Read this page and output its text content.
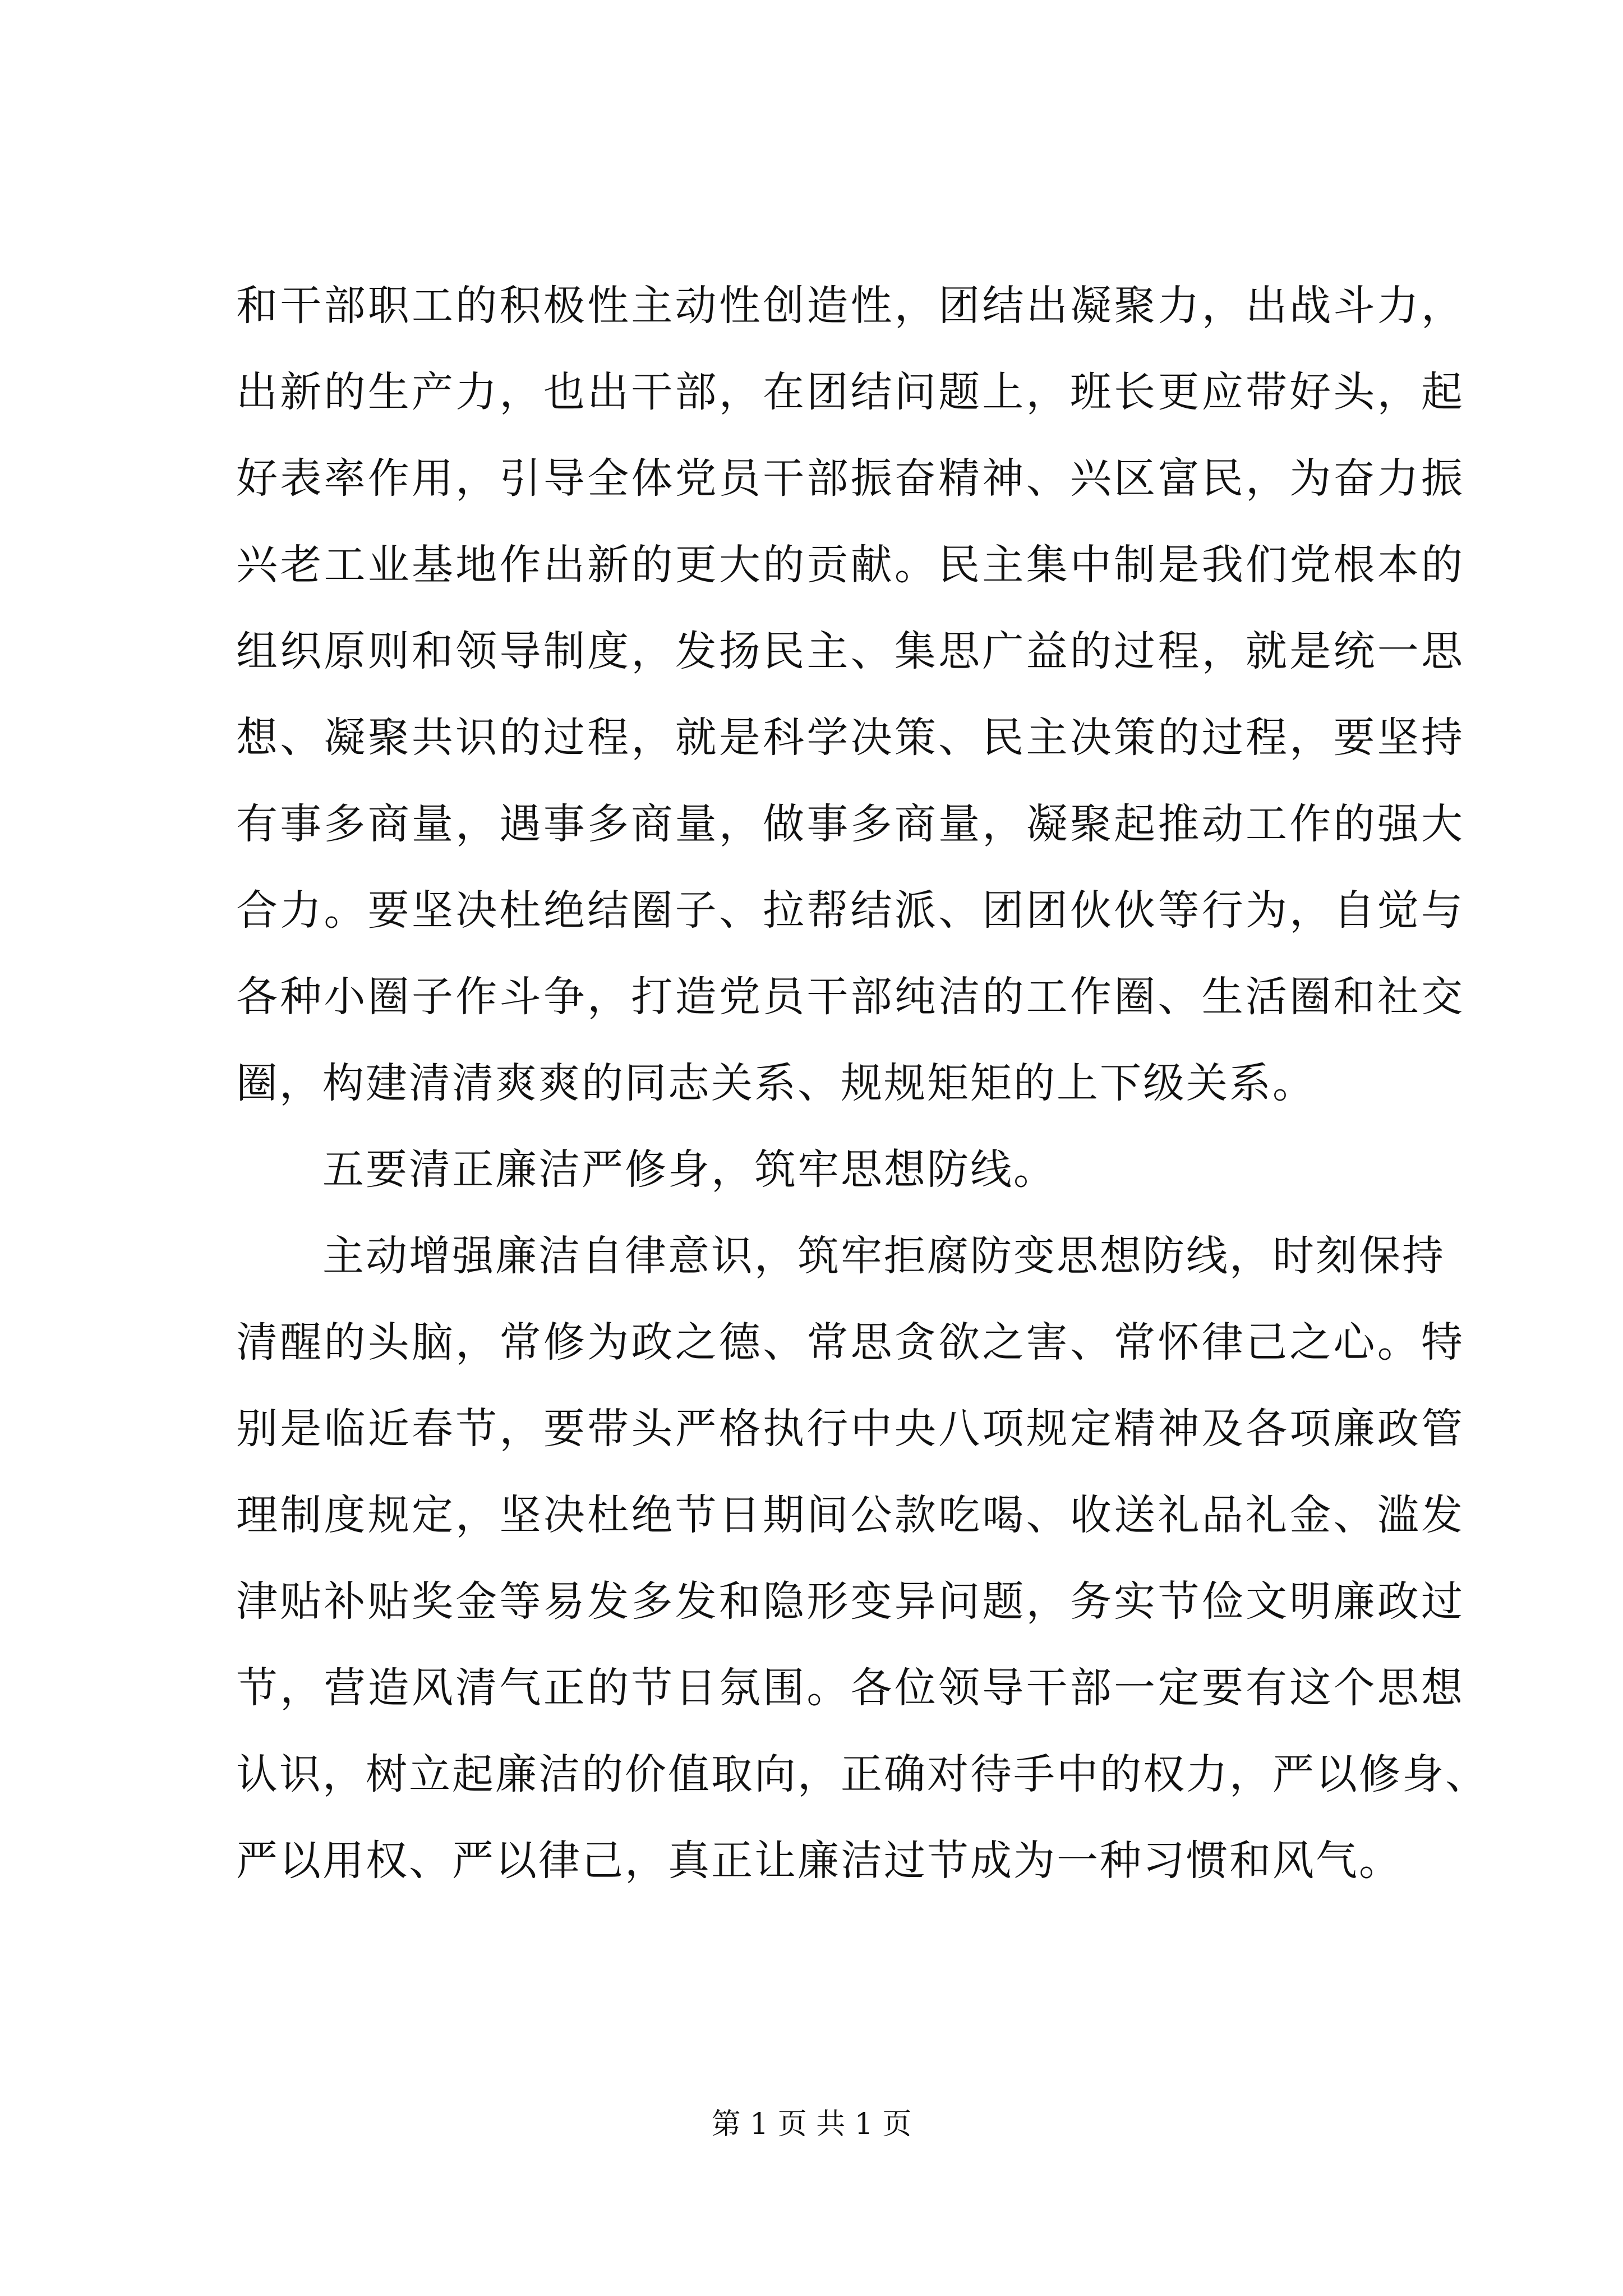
和干部职工的积极性主动性创造性，团结出凝聚力，出战斗力，
出新的生产力，也出干部，在团结问题上，班长更应带好头，起
好表率作用，引导全体党员干部振奋精神、兴区富民，为奋力振
兴老工业基地作出新的更大的贡献。民主集中制是我们党根本的
组织原则和领导制度，发扬民主、集思广益的过程，就是统一思
想、凝聚共识的过程，就是科学决策、民主决策的过程，要坚持
有事多商量，遇事多商量，做事多商量，凝聚起推动工作的强大
合力。要坚决杜绝结圈子、拉帮结派、团团伙伙等行为，自觉与
各种小圈子作斗争，打造党员干部纯洁的工作圈、生活圈和社交
圈，构建清清爽爽的同志关系、规规矩矩的上下级关系。
五要清正廉洁严修身，筑牢思想防线。
主动增强廉洁自律意识，筑牢拒腐防变思想防线，时刻保持
清醒的头脑，常修为政之德、常思贪欲之害、常怀律己之心。特
别是临近春节，要带头严格执行中央八项规定精神及各项廉政管
理制度规定，坚决杜绝节日期间公款吃喝、收送礼品礼金、滥发
津贴补贴奖金等易发多发和隐形变异问题，务实节俭文明廉政过
节，营造风清气正的节日氛围。各位领导干部一定要有这个思想
认识，树立起廉洁的价值取向，正确对待手中的权力，严以修身、
严以用权、严以律己，真正让廉洁过节成为一种习惯和风气。
第 1 页 共 1 页
